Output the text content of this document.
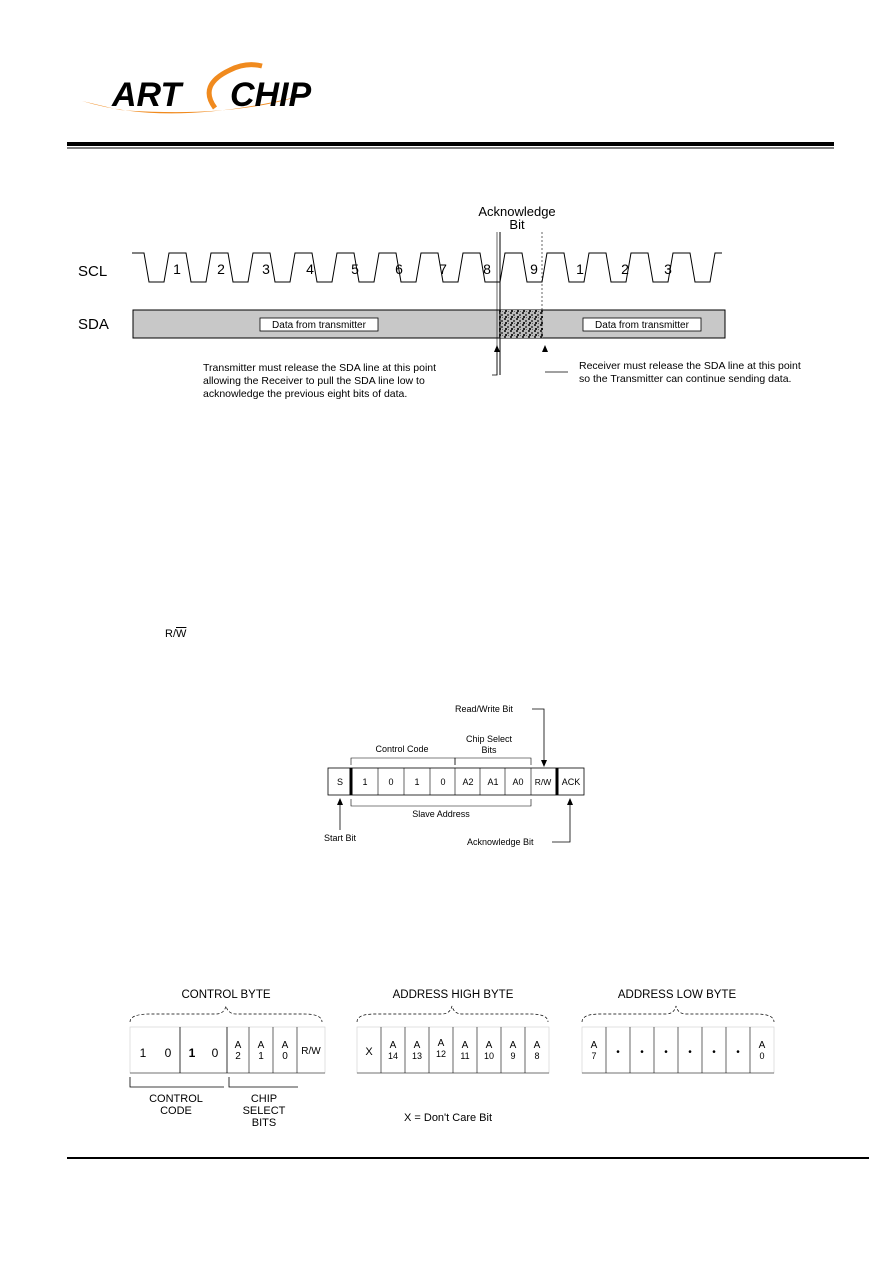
ART CHIP
Acknowledge
Bit
SCL
SDA
1	2	3	4	5	6	7	8	9	1	2	3
Data from transmitter	Data from transmitter
Transmitter must release the SDA line at this point
allowing the Receiver to pull the SDA line low to
acknowledge the previous eight bits of data.
Receiver must release the SDA line at this point
so the Transmitter can continue sending data.
Read/Write Bit
Chip Select
Bits
Control Code
S 1 0 1 0 A2 A1 A0 R/W ACK
Slave Address
Start Bit	Acknowledge Bit
CONTROL BYTE	ADDRESS HIGH BYTE	ADDRESS LOW BYTE
1 0 1 0
A
2
A
1
A
0 R/W
CONTROL
CODE
CHIP
SELECT
BITS
X
A
14
A
13
A
12
A
11
A
10
A
9
A
8
X = Don't Care Bit
A
7 • • • • • •
A
0
$R/\overline{W}$
